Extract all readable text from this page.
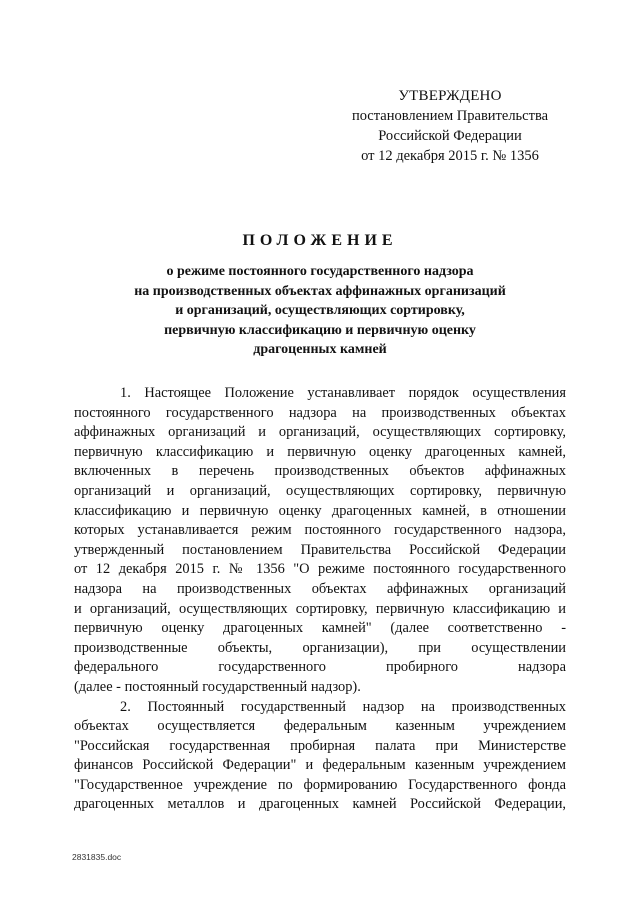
УТВЕРЖДЕНО
постановлением Правительства
Российской Федерации
от 12 декабря 2015 г. № 1356
ПОЛОЖЕНИЕ
о режиме постоянного государственного надзора
на производственных объектах аффинажных организаций
и организаций, осуществляющих сортировку,
первичную классификацию и первичную оценку
драгоценных камней
1. Настоящее Положение устанавливает порядок осуществления
постоянного государственного надзора на производственных объектах
аффинажных организаций и организаций, осуществляющих сортировку,
первичную классификацию и первичную оценку драгоценных камней,
включенных в перечень производственных объектов аффинажных
организаций и организаций, осуществляющих сортировку, первичную
классификацию и первичную оценку драгоценных камней, в отношении
которых устанавливается режим постоянного государственного надзора,
утвержденный постановлением Правительства Российской Федерации
от 12 декабря 2015 г. № 1356 "О режиме постоянного государственного
надзора на производственных объектах аффинажных организаций
и организаций, осуществляющих сортировку, первичную классификацию и
первичную оценку драгоценных камней" (далее соответственно -
производственные объекты, организации), при осуществлении
федерального государственного пробирного надзора
(далее - постоянный государственный надзор).
2. Постоянный государственный надзор на производственных
объектах осуществляется федеральным казенным учреждением
"Российская государственная пробирная палата при Министерстве
финансов Российской Федерации" и федеральным казенным учреждением
"Государственное учреждение по формированию Государственного фонда
драгоценных металлов и драгоценных камней Российской Федерации,
2831835.doc
